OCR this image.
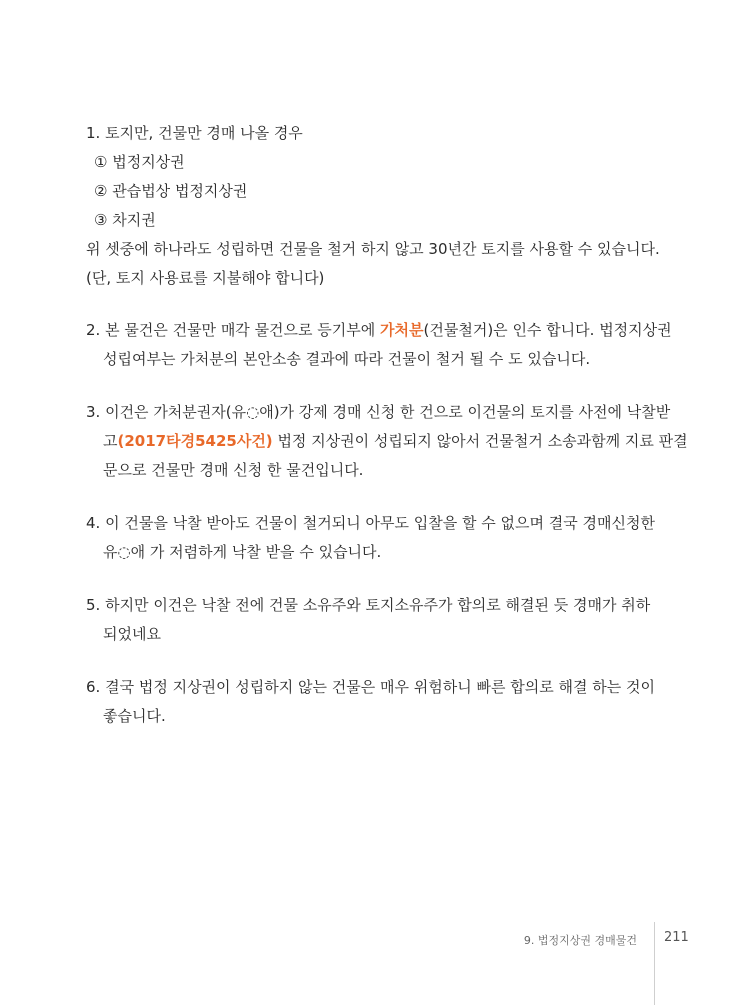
1. 토지만, 건물만 경매 나올 경우
① 법정지상권
② 관습법상 법정지상권
③ 차지권
위 셋중에 하나라도 성립하면 건물을 철거 하지 않고 30년간 토지를 사용할 수 있습니다.
(단, 토지 사용료를 지불해야 합니다)
2. 본 물건은 건물만 매각 물건으로 등기부에 가처분(건물철거)은 인수 합니다. 법정지상권
성립여부는 가처분의 본안소송 결과에 따라 건물이 철거 될 수 도 있습니다.
3. 이건은 가처분권자(유◌애)가 강제 경매 신청 한 건으로 이건물의 토지를 사전에 낙찰받
고(2017타경5425사건) 법정 지상권이 성립되지 않아서 건물철거 소송과함께 지료 판결
문으로 건물만 경매 신청 한 물건입니다.
4. 이 건물을 낙찰 받아도 건물이 철거되니 아무도 입찰을 할 수 없으며 결국 경매신청한
유◌애 가 저렴하게 낙찰 받을 수 있습니다.
5. 하지만 이건은 낙찰 전에 건물 소유주와 토지소유주가 합의로 해결된 듯 경매가 취하
되었네요
6. 결국 법정 지상권이 성립하지 않는 건물은 매우 위험하니 빠른 합의로 해결 하는 것이
좋습니다.
9. 법정지상권 경매물건 211
